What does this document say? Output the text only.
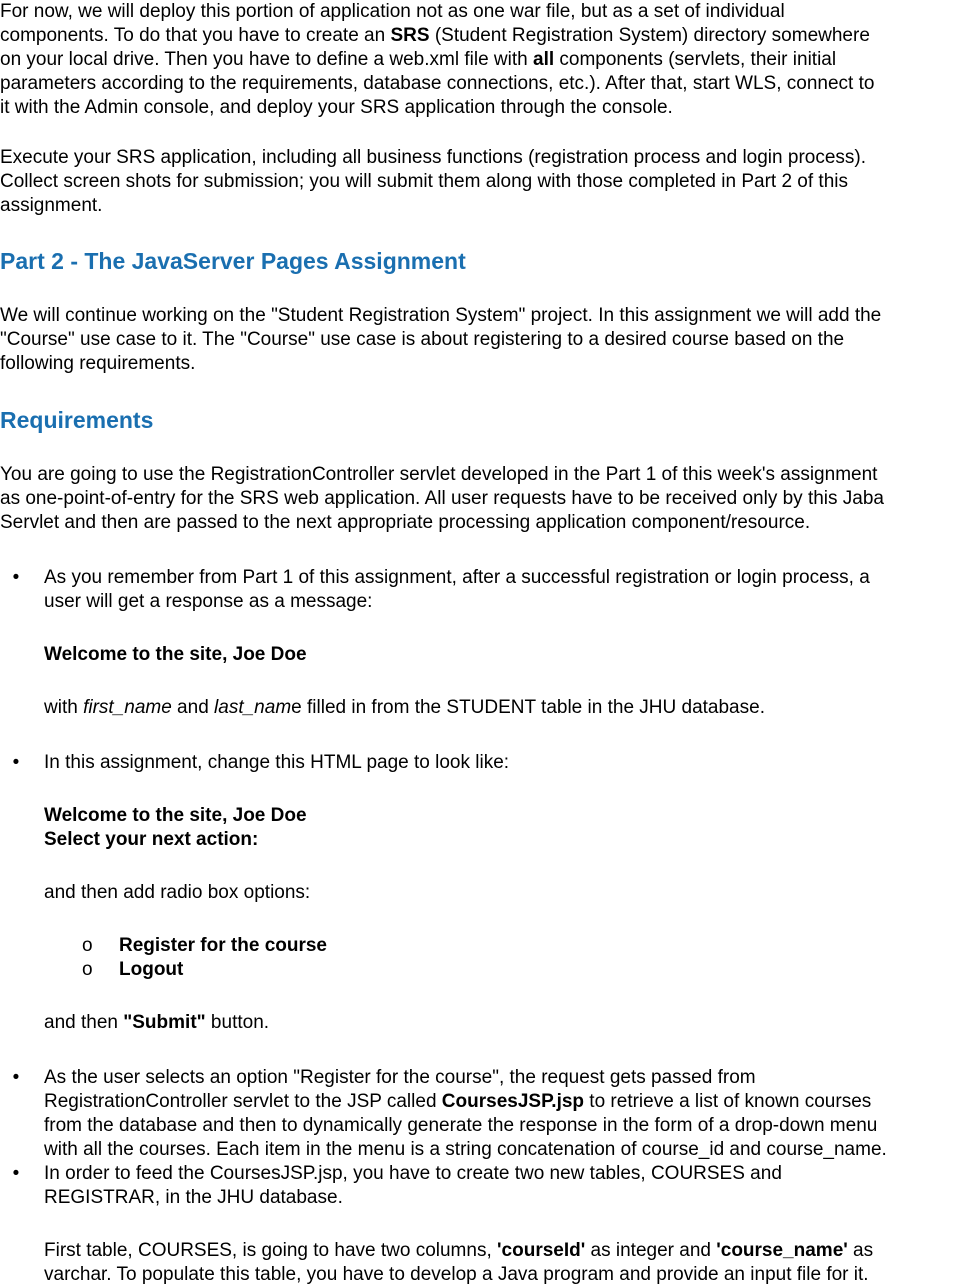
For now, we will deploy this portion of application not as one war file, but as a set of individual
components. To do that you have to create an SRS (Student Registration System) directory somewhere
on your local drive. Then you have to define a web.xml file with all components (servlets, their initial
parameters according to the requirements, database connections, etc.). After that, start WLS, connect to
it with the Admin console, and deploy your SRS application through the console.
Execute your SRS application, including all business functions (registration process and login process).
Collect screen shots for submission; you will submit them along with those completed in Part 2 of this
assignment.
Part 2 - The JavaServer Pages Assignment
We will continue working on the "Student Registration System" project. In this assignment we will add the
"Course" use case to it. The "Course" use case is about registering to a desired course based on the
following requirements.
Requirements
You are going to use the RegistrationController servlet developed in the Part 1 of this week's assignment
as one-point-of-entry for the SRS web application. All user requests have to be received only by this Jaba
Servlet and then are passed to the next appropriate processing application component/resource.
•	As you remember from Part 1 of this assignment, after a successful registration or login process, a
user will get a response as a message:
Welcome to the site, Joe Doe
with first_name and last_name filled in from the STUDENT table in the JHU database.
•	In this assignment, change this HTML page to look like:
Welcome to the site, Joe Doe
Select your next action:
and then add radio box options:
o Register for the course
o Logout
and then "Submit" button.
•	As the user selects an option "Register for the course", the request gets passed from
RegistrationController servlet to the JSP called CoursesJSP.jsp to retrieve a list of known courses
from the database and then to dynamically generate the response in the form of a drop-down menu
with all the courses. Each item in the menu is a string concatenation of course_id and course_name.
•	In order to feed the CoursesJSP.jsp, you have to create two new tables, COURSES and
REGISTRAR, in the JHU database.
First table, COURSES, is going to have two columns, 'courseId' as integer and 'course_name' as
varchar. To populate this table, you have to develop a Java program and provide an input file for it.
